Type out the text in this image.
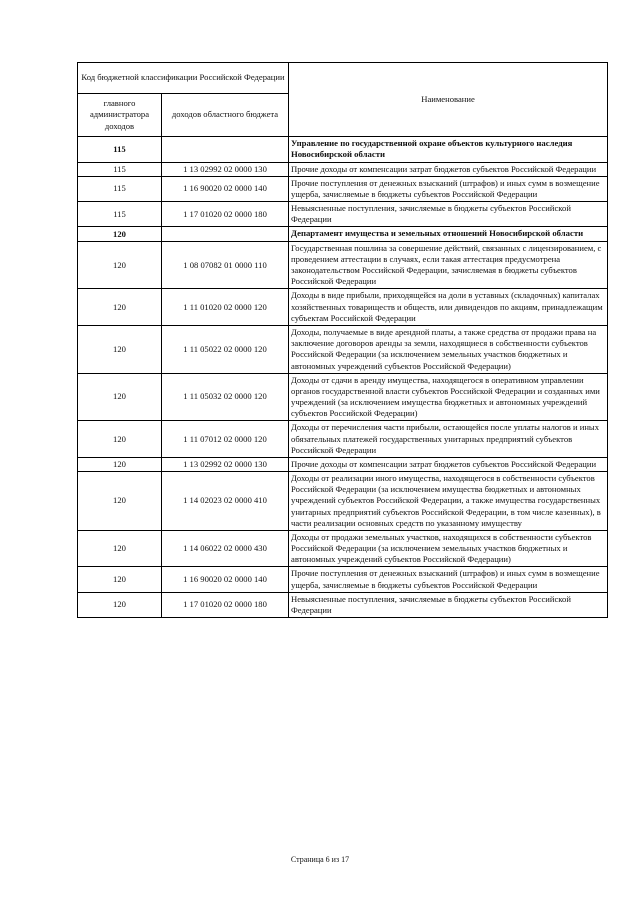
Код бюджетной классификации Российской Федерации		Наименование
главного администратора доходов	доходов областного бюджета	
115		Управление по государственной охране объектов культурного наследия Новосибирской области
115	1 13 02992 02 0000 130	Прочие доходы от компенсации затрат бюджетов субъектов Российской Федерации
115	1 16 90020 02 0000 140	Прочие поступления от денежных взысканий (штрафов) и иных сумм в возмещение ущерба, зачисляемые в бюджеты субъектов Российской Федерации
115	1 17 01020 02 0000 180	Невыясненные поступления, зачисляемые в бюджеты субъектов Российской Федерации
120		Департамент имущества и земельных отношений Новосибирской области
120	1 08 07082 01 0000 110	Государственная пошлина за совершение действий, связанных с лицензированием, с проведением аттестации в случаях, если такая аттестация предусмотрена законодательством Российской Федерации, зачисляемая в бюджеты субъектов Российской Федерации
120	1 11 01020 02 0000 120	Доходы в виде прибыли, приходящейся на доли в уставных (складочных) капиталах хозяйственных товариществ и обществ, или дивидендов по акциям, принадлежащим субъектам Российской Федерации
120	1 11 05022 02 0000 120	Доходы, получаемые в виде арендной платы, а также средства от продажи права на заключение договоров аренды за земли, находящиеся в собственности субъектов Российской Федерации (за исключением земельных участков бюджетных и автономных учреждений субъектов Российской Федерации)
120	1 11 05032 02 0000 120	Доходы от сдачи в аренду имущества, находящегося в оперативном управлении органов государственной власти субъектов Российской Федерации и созданных ими учреждений (за исключением имущества бюджетных и автономных учреждений субъектов Российской Федерации)
120	1 11 07012 02 0000 120	Доходы от перечисления части прибыли, остающейся после уплаты налогов и иных обязательных платежей государственных унитарных предприятий субъектов Российской Федерации
120	1 13 02992 02 0000 130	Прочие доходы от компенсации затрат бюджетов субъектов Российской Федерации
120	1 14 02023 02 0000 410	Доходы от реализации иного имущества, находящегося в собственности субъектов Российской Федерации (за исключением имущества бюджетных и автономных учреждений субъектов Российской Федерации, а также имущества государственных унитарных предприятий субъектов Российской Федерации, в том числе казенных), в части реализации основных средств по указанному имуществу
120	1 14 06022 02 0000 430	Доходы от продажи земельных участков, находящихся в собственности субъектов Российской Федерации (за исключением земельных участков бюджетных и автономных учреждений субъектов Российской Федерации)
120	1 16 90020 02 0000 140	Прочие поступления от денежных взысканий (штрафов) и иных сумм в возмещение ущерба, зачисляемые в бюджеты субъектов Российской Федерации
120	1 17 01020 02 0000 180	Невыясненные поступления, зачисляемые в бюджеты субъектов Российской Федерации
Страница 6 из 17
